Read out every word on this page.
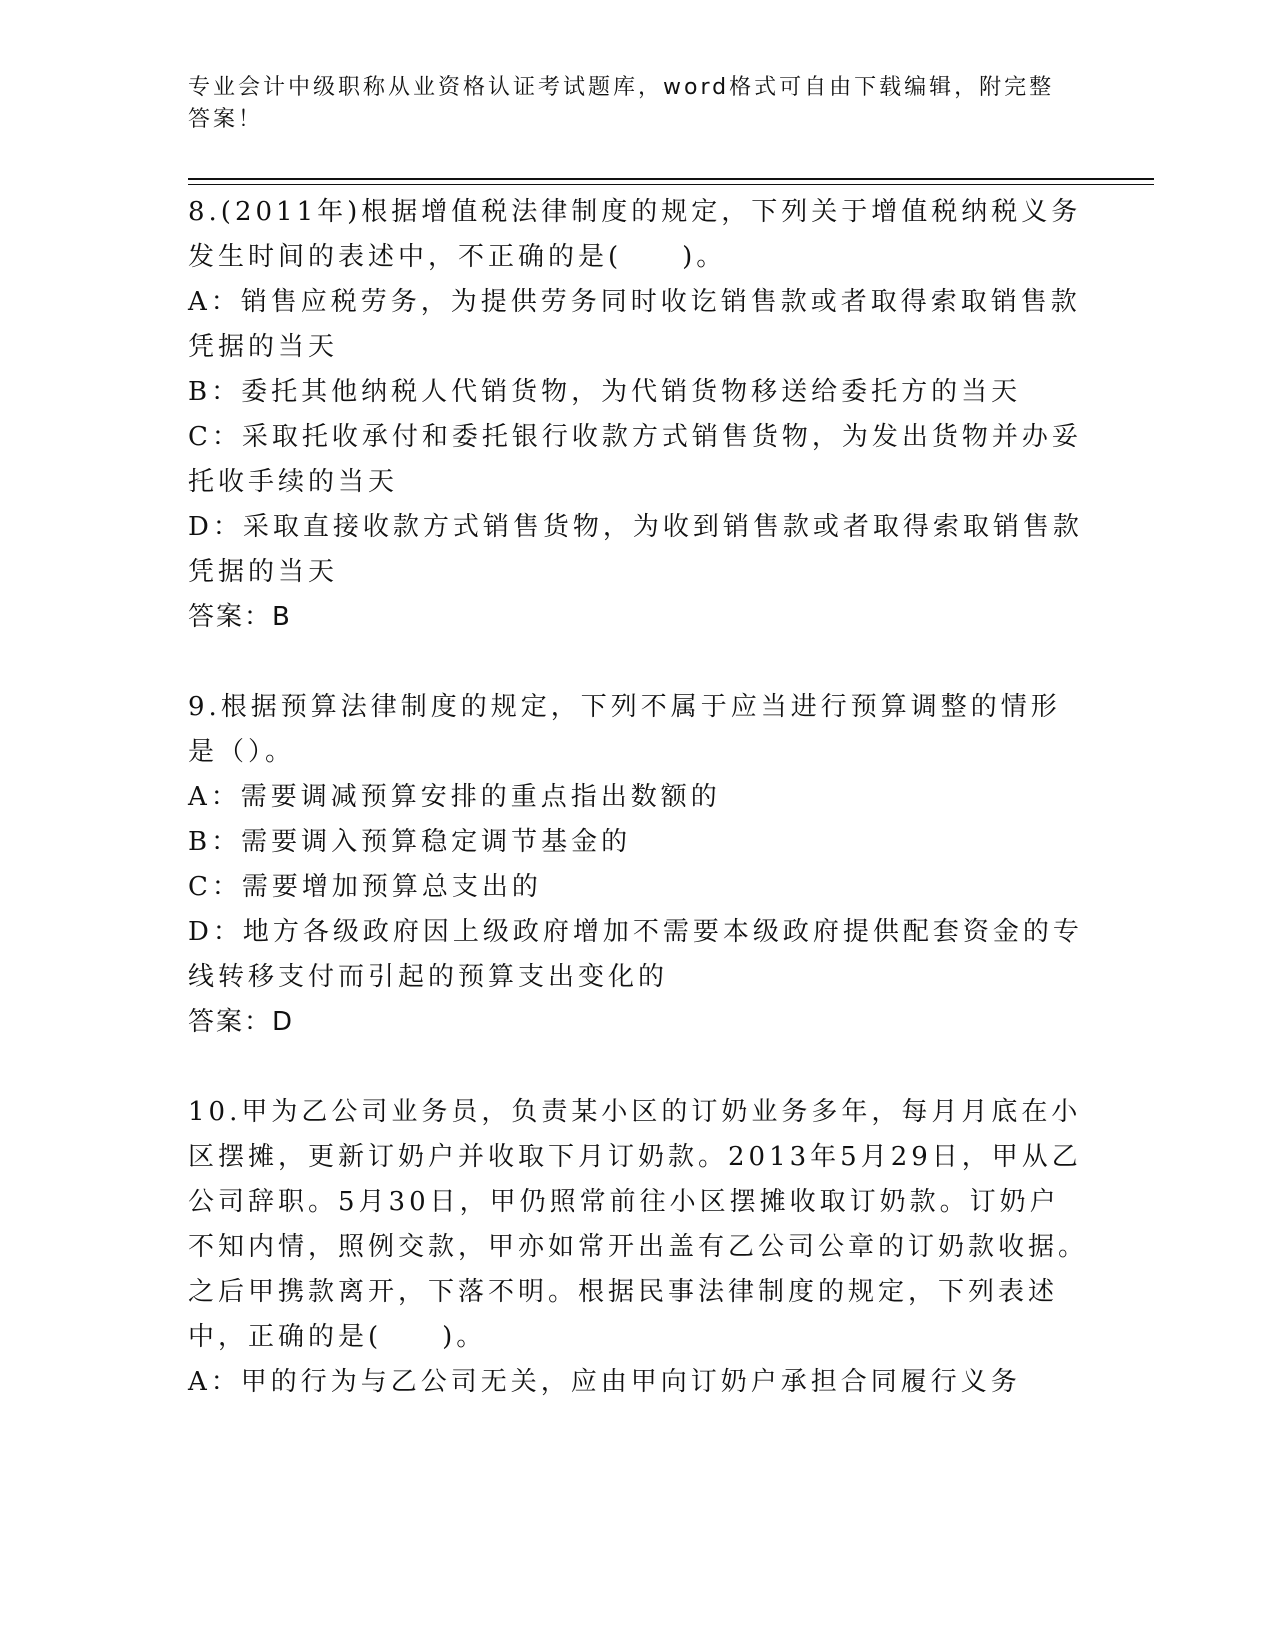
专业会计中级职称从业资格认证考试题库，word格式可自由下载编辑，附完整答案！

8.(2011年)根据增值税法律制度的规定，下列关于增值税纳税义务发生时间的表述中，不正确的是(　　)。

A：销售应税劳务，为提供劳务同时收讫销售款或者取得索取销售款凭据的当天

B：委托其他纳税人代销货物，为代销货物移送给委托方的当天

C：采取托收承付和委托银行收款方式销售货物，为发出货物并办妥托收手续的当天

D：采取直接收款方式销售货物，为收到销售款或者取得索取销售款凭据的当天

答案：B

9.根据预算法律制度的规定，下列不属于应当进行预算调整的情形是（）。

A：需要调减预算安排的重点指出数额的

B：需要调入预算稳定调节基金的

C：需要增加预算总支出的

D：地方各级政府因上级政府增加不需要本级政府提供配套资金的专线转移支付而引起的预算支出变化的

答案：D

10.甲为乙公司业务员，负责某小区的订奶业务多年，每月月底在小区摆摊，更新订奶户并收取下月订奶款。2013年5月29日，甲从乙公司辞职。5月30日，甲仍照常前往小区摆摊收取订奶款。订奶户不知内情，照例交款，甲亦如常开出盖有乙公司公章的订奶款收据。之后甲携款离开，下落不明。根据民事法律制度的规定，下列表述中，正确的是(　　)。

A：甲的行为与乙公司无关，应由甲向订奶户承担合同履行义务
